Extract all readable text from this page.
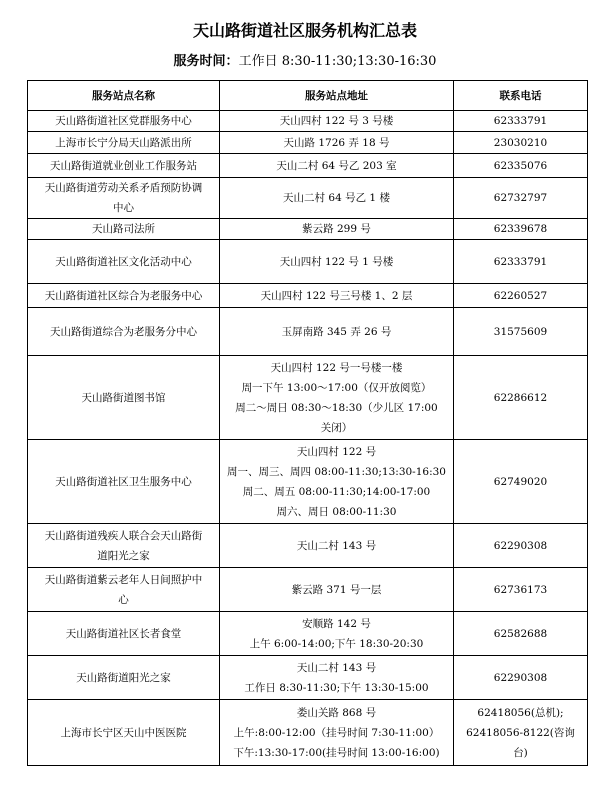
天山路街道社区服务机构汇总表
服务时间：工作日 8:30-11:30;13:30-16:30
服务站点名称	服务站点地址	联系电话

天山路街道社区党群服务中心	天山四村 122 号 3 号楼	62333791

上海市长宁分局天山路派出所	天山路 1726 弄 18 号	23030210

天山路街道就业创业工作服务站	天山二村 64 号乙 203 室	62335076

天山路街道劳动关系矛盾预防协调
中心	天山二村 64 号乙 1 楼	62732797

天山路司法所	紫云路 299 号	62339678

天山路街道社区文化活动中心	天山四村 122 号 1 号楼	62333791

天山路街道社区综合为老服务中心	天山四村 122 号三号楼 1、2 层	62260527

天山路街道综合为老服务分中心	玉屏南路 345 弄 26 号	31575609

天山路街道图书馆	天山四村 122 号一号楼一楼
周一下午 13:00～17:00（仅开放阅览）
周二～周日 08:30～18:30（少儿区 17:00
关闭）	62286612

天山路街道社区卫生服务中心	天山四村 122 号
周一、周三、周四 08:00-11:30;13:30-16:30
周二、周五 08:00-11:30;14:00-17:00
周六、周日 08:00-11:30	62749020

天山路街道残疾人联合会天山路街
道阳光之家	天山二村 143 号	62290308

天山路街道紫云老年人日间照护中
心	紫云路 371 号一层	62736173

天山路街道社区长者食堂	安顺路 142 号
上午 6:00-14:00;下午 18:30-20:30	62582688

天山路街道阳光之家	天山二村 143 号
工作日 8:30-11:30;下午 13:30-15:00	62290308

上海市长宁区天山中医医院	娄山关路 868 号
上午:8:00-12:00（挂号时间 7:30-11:00）
下午:13:30-17:00(挂号时间 13:00-16:00)	62418056(总机);
62418056-8122(咨询
台)
